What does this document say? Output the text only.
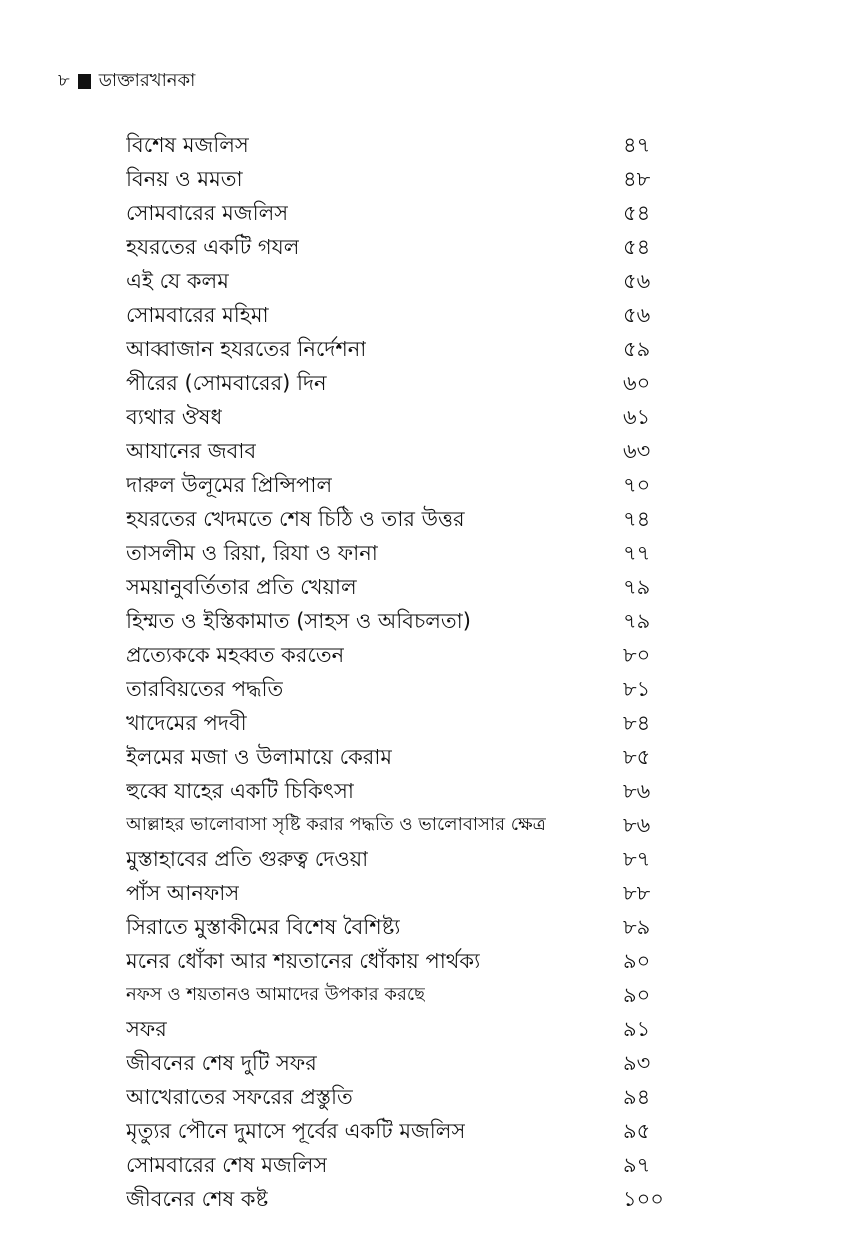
৮ ডাক্তারখানকা
বিশেষ মজলিস	৪৭
বিনয় ও মমতা	৪৮
সোমবারের মজলিস	৫৪
হযরতের একটি গযল	৫৪
এই যে কলম	৫৬
সোমবারের মহিমা	৫৬
আব্বাজান হযরতের নির্দেশনা	৫৯
পীরের (সোমবারের) দিন	৬০
ব্যথার ঔষধ	৬১
আযানের জবাব	৬৩
দারুল উলূমের প্রিন্সিপাল	৭০
হযরতের খেদমতে শেষ চিঠি ও তার উত্তর	৭৪
তাসলীম ও রিয়া, রিযা ও ফানা	৭৭
সময়ানুবর্তিতার প্রতি খেয়াল	৭৯
হিম্মত ও ইস্তিকামাত (সাহস ও অবিচলতা)	৭৯
প্রত্যেককে মহব্বত করতেন	৮০
তারবিয়তের পদ্ধতি	৮১
খাদেমের পদবী	৮৪
ইলমের মজা ও উলামায়ে কেরাম	৮৫
হুব্বে যাহের একটি চিকিৎসা	৮৬
আল্লাহর ভালোবাসা সৃষ্টি করার পদ্ধতি ও ভালোবাসার ক্ষেত্র	৮৬
মুস্তাহাবের প্রতি গুরুত্ব দেওয়া	৮৭
পাঁস আনফাস	৮৮
সিরাতে মুস্তাকীমের বিশেষ বৈশিষ্ট্য	৮৯
মনের ধোঁকা আর শয়তানের ধোঁকায় পার্থক্য	৯০
নফস ও শয়তানও আমাদের উপকার করছে	৯০
সফর	৯১
জীবনের শেষ দুটি সফর	৯৩
আখেরাতের সফরের প্রস্তুতি	৯৪
মৃত্যুর পৌনে দুমাসে পূর্বের একটি মজলিস	৯৫
সোমবারের শেষ মজলিস	৯৭
জীবনের শেষ কষ্ট	১০০
